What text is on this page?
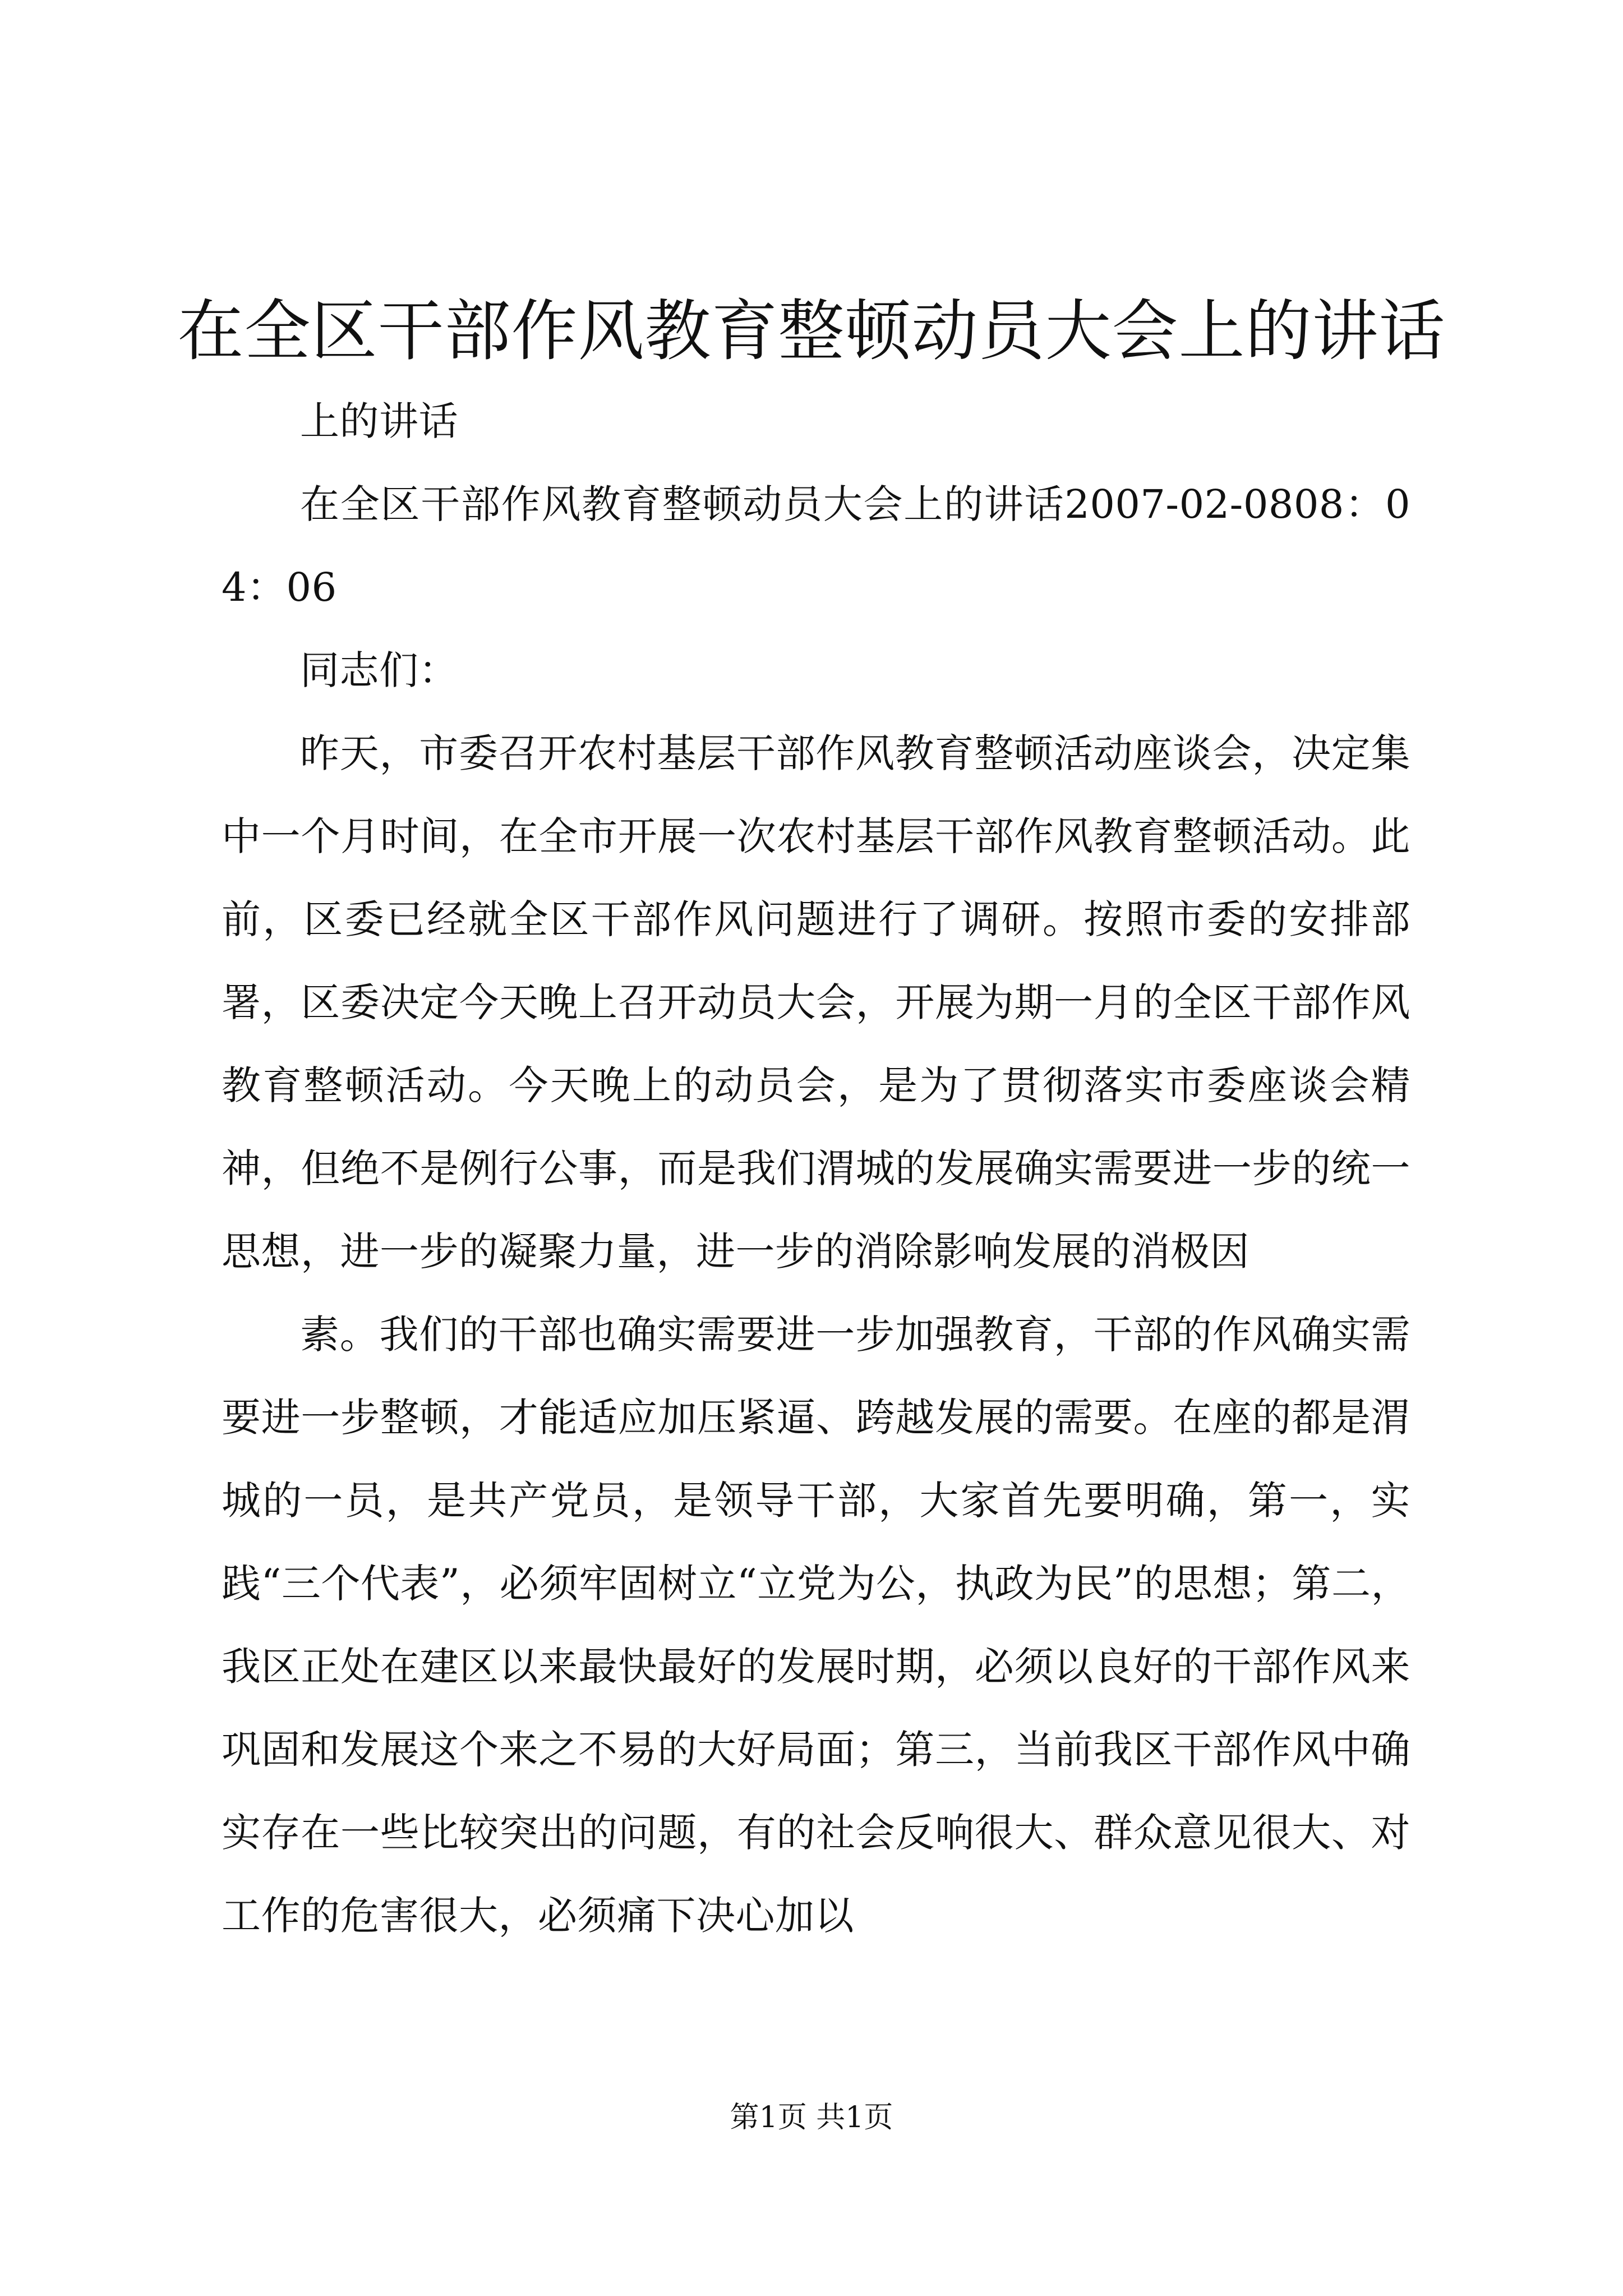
在全区干部作风教育整顿动员大会上的讲话

上的讲话

在全区干部作风教育整顿动员大会上的讲话2007-02-0808：04：06

同志们：

昨天，市委召开农村基层干部作风教育整顿活动座谈会，决定集中一个月时间，在全市开展一次农村基层干部作风教育整顿活动。此前，区委已经就全区干部作风问题进行了调研。按照市委的安排部署，区委决定今天晚上召开动员大会，开展为期一月的全区干部作风教育整顿活动。今天晚上的动员会，是为了贯彻落实市委座谈会精神，但绝不是例行公事，而是我们渭城的发展确实需要进一步的统一思想，进一步的凝聚力量，进一步的消除影响发展的消极因

素。我们的干部也确实需要进一步加强教育，干部的作风确实需要进一步整顿，才能适应加压紧逼、跨越发展的需要。在座的都是渭城的一员，是共产党员，是领导干部，大家首先要明确，第一，实践“三个代表”，必须牢固树立“立党为公，执政为民”的思想；第二，我区正处在建区以来最快最好的发展时期，必须以良好的干部作风来巩固和发展这个来之不易的大好局面；第三，当前我区干部作风中确实存在一些比较突出的问题，有的社会反响很大、群众意见很大、对工作的危害很大，必须痛下决心加以

第1页 共1页
